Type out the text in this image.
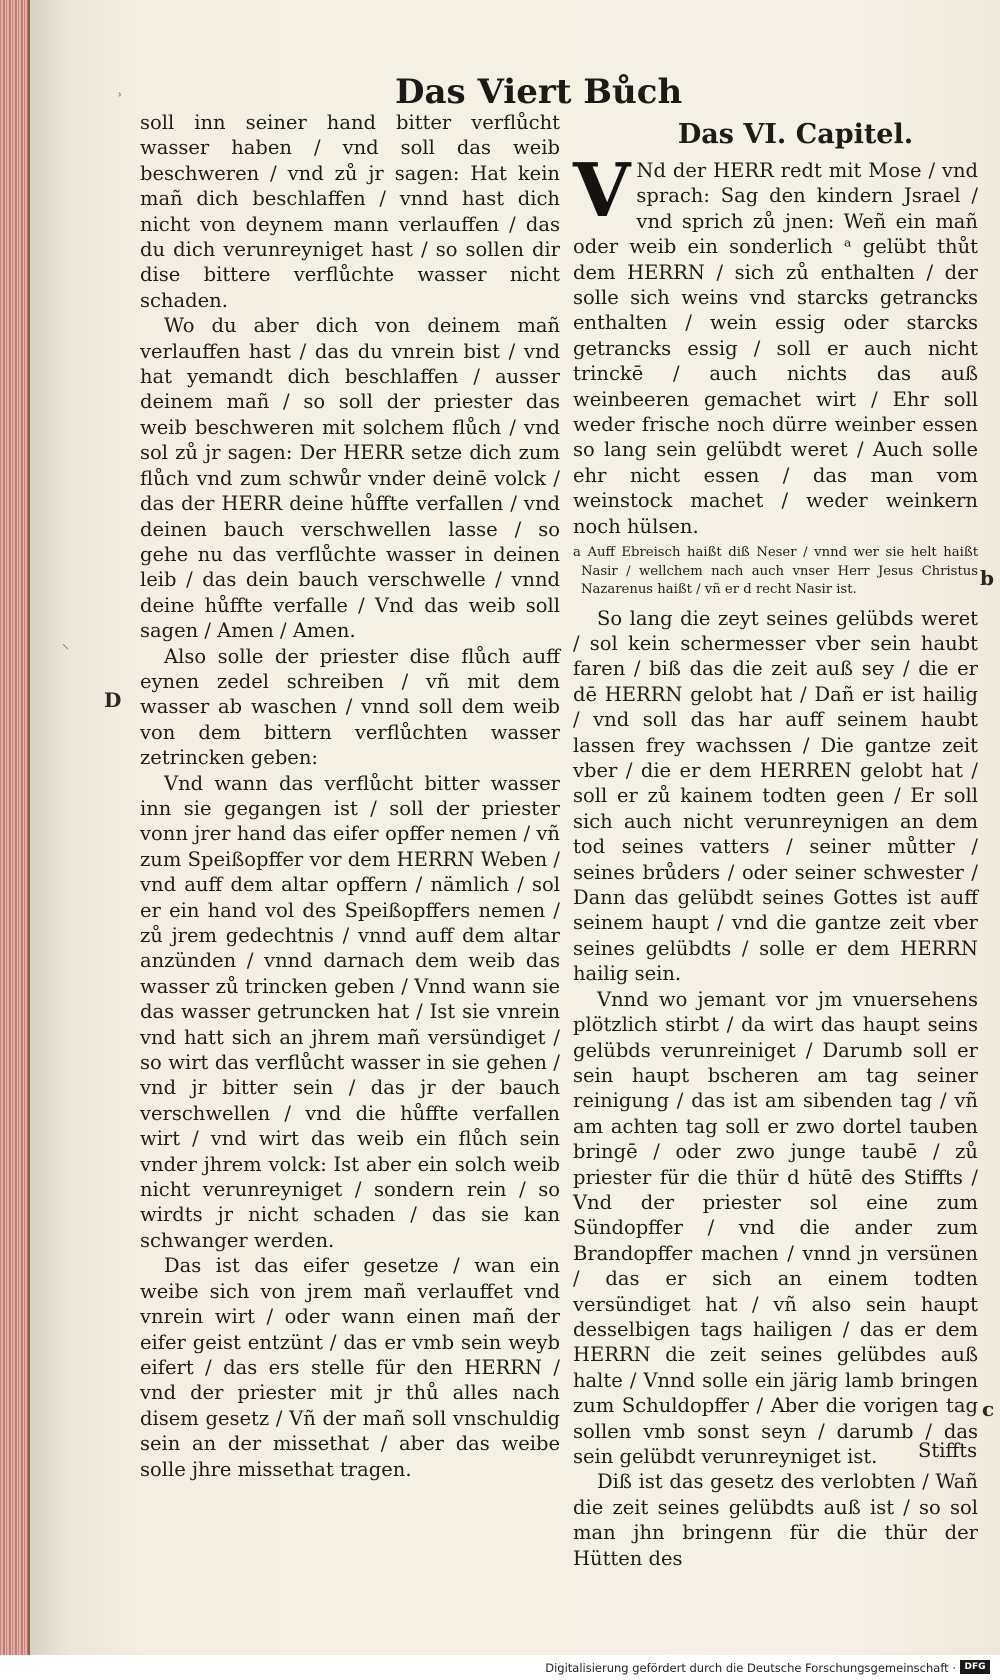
Das Viert Bůch
˒
⸌
D
b
c

soll inn seiner hand bitter verflůcht wasser haben / vnd soll das weib beschweren / vnd zů jr sagen: Hat kein mañ dich beschlaffen / vnnd hast dich nicht von deynem mann verlauffen / das du dich verunreyniget hast / so sollen dir dise bittere verflůchte wasser nicht schaden.

Wo du aber dich von deinem mañ verlauffen hast / das du vnrein bist / vnd hat yemandt dich beschlaffen / ausser deinem mañ / so soll der priester das weib beschweren mit solchem flůch / vnd sol zů jr sagen: Der HERR setze dich zum flůch vnd zum schwůr vnder deinē volck / das der HERR deine hůffte verfallen / vnd deinen bauch verschwellen lasse / so gehe nu das verflůchte wasser in deinen leib / das dein bauch verschwelle / vnnd deine hůffte verfalle / Vnd das weib soll sagen / Amen / Amen.

Also solle der priester dise flůch auff eynen zedel schreiben / vñ mit dem wasser ab waschen / vnnd soll dem weib von dem bittern verflůchten wasser zetrincken geben:

Vnd wann das verflůcht bitter wasser inn sie gegangen ist / soll der priester vonn jrer hand das eifer opffer nemen / vñ zum Speißopffer vor dem HERRN Weben / vnd auff dem altar opffern / nämlich / sol er ein hand vol des Speißopffers nemen / zů jrem gedechtnis / vnnd auff dem altar anzünden / vnnd darnach dem weib das wasser zů trincken geben / Vnnd wann sie das wasser getruncken hat / Ist sie vnrein vnd hatt sich an jhrem mañ versündiget / so wirt das verflůcht wasser in sie gehen / vnd jr bitter sein / das jr der bauch verschwellen / vnd die hůffte verfallen wirt / vnd wirt das weib ein flůch sein vnder jhrem volck: Ist aber ein solch weib nicht verunreyniget / sondern rein / so wirdts jr nicht schaden / das sie kan schwanger werden.

Das ist das eifer gesetze / wan ein weibe sich von jrem mañ verlauffet vnd vnrein wirt / oder wann einen mañ der eifer geist entzünt / das er vmb sein weyb eifert / das ers stelle für den HERRN / vnd der priester mit jr thů alles nach disem gesetz / Vñ der mañ soll vnschuldig sein an der missethat / aber das weibe solle jhre missethat tragen.

Das VI. Capitel.

V Nd der HERR redt mit Mose / vnd sprach: Sag den kindern Jsrael / vnd sprich zů jnen: Weñ ein mañ oder weib ein sonderlich ᵃ gelübt thůt dem HERRN / sich zů enthalten / der solle sich weins vnd starcks getrancks enthalten / wein essig oder starcks getrancks essig / soll er auch nicht trinckē / auch nichts das auß weinbeeren gemachet wirt / Ehr soll weder frische noch dürre weinber essen so lang sein gelübdt weret / Auch solle ehr nicht essen / das man vom weinstock machet / weder weinkern noch hülsen.

a Auff Ebreisch haißt diß Neser / vnnd wer sie helt haißt Nasir / wellchem nach auch vnser Herr Jesus Christus Nazarenus haißt / vñ er d recht Nasir ist.

So lang die zeyt seines gelübds weret / sol kein schermesser vber sein haubt faren / biß das die zeit auß sey / die er dē HERRN gelobt hat / Dañ er ist hailig / vnd soll das har auff seinem haubt lassen frey wachssen / Die gantze zeit vber / die er dem HERREN gelobt hat / soll er zů kainem todten geen / Er soll sich auch nicht verunreynigen an dem tod seines vatters / seiner můtter / seines brůders / oder seiner schwester / Dann das gelübdt seines Gottes ist auff seinem haupt / vnd die gantze zeit vber seines gelübdts / solle er dem HERRN hailig sein.

Vnnd wo jemant vor jm vnuersehens plötzlich stirbt / da wirt das haupt seins gelübds verunreiniget / Darumb soll er sein haupt bscheren am tag seiner reinigung / das ist am sibenden tag / vñ am achten tag soll er zwo dortel tauben bringē / oder zwo junge taubē / zů priester für die thür d hütē des Stiffts / Vnd der priester sol eine zum Sündopffer / vnd die ander zum Brandopffer machen / vnnd jn versünen / das er sich an einem todten versündiget hat / vñ also sein haupt desselbigen tags hailigen / das er dem HERRN die zeit seines gelübdes auß halte / Vnnd solle ein järig lamb bringen zum Schuldopffer / Aber die vorigen tag sollen vmb sonst seyn / darumb / das sein gelübdt verunreyniget ist.

Diß ist das gesetz des verlobten / Wañ die zeit seines gelübdts auß ist / so sol man jhn bringenn für die thür der Hütten des

Stiffts
Digitalisierung gefördert durch die Deutsche Forschungsgemeinschaft · DFG
